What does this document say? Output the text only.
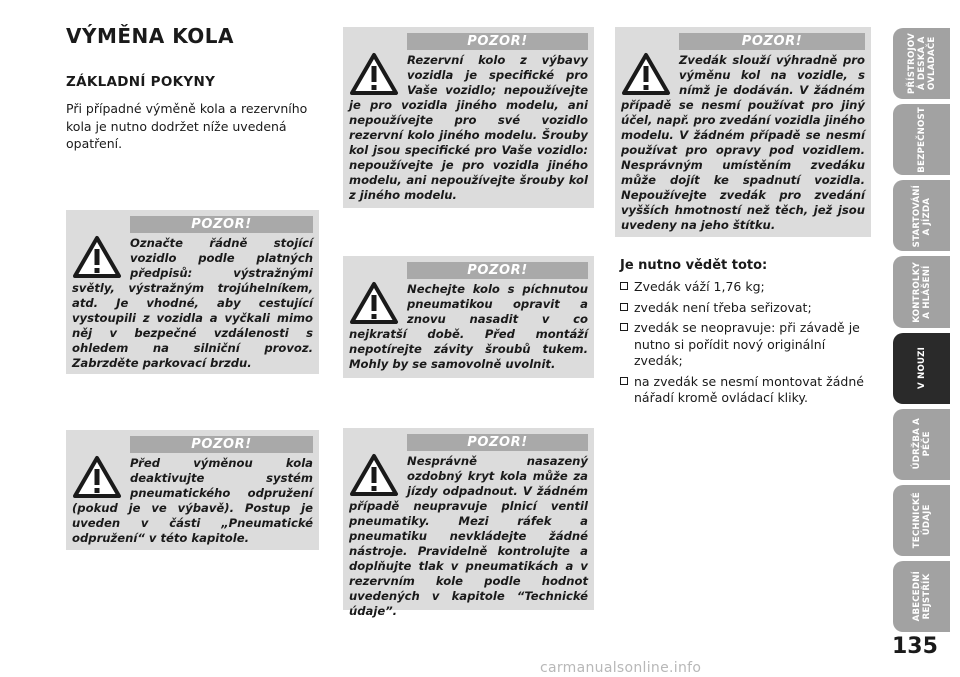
VÝMĚNA KOLA
ZÁKLADNÍ POKYNY

Při případné výměně kola a rezervního kola je nutno dodržet níže uvedená opatření.

POZOR!

Označte řádně stojící vozidlo podle platných předpisů: výstražnými světly, výstražným trojúhelníkem, atd. Je vhodné, aby cestující vystoupili z vozidla a vyčkali mimo něj v bezpečné vzdálenosti s ohledem na silniční provoz. Zabrzděte parkovací brzdu.

POZOR!

Před výměnou kola deaktivujte systém pneumatického odpružení (pokud je ve výbavě). Postup je uveden v části „Pneumatické odpružení“ v této kapitole.

POZOR!

Rezervní kolo z výbavy vozidla je specifické pro Vaše vozidlo; nepoužívejte je pro vozidla jiného modelu, ani nepoužívejte pro své vozidlo rezervní kolo jiného modelu. Šrouby kol jsou specifické pro Vaše vozidlo: nepoužívejte je pro vozidla jiného modelu, ani nepoužívejte šrouby kol z jiného modelu.

POZOR!

Nechejte kolo s píchnutou pneumatikou opravit a znovu nasadit v co nejkratší době. Před montáží nepotírejte závity šroubů tukem. Mohly by se samovolně uvolnit.

POZOR!

Nesprávně nasazený ozdobný kryt kola může za jízdy odpadnout. V žádném případě neupravuje plnicí ventil pneumatiky. Mezi ráfek a pneumatiku nevkládejte žádné nástroje. Pravidelně kontrolujte a doplňujte tlak v pneumatikách a v rezervním kole podle hodnot uvedených v kapitole “Technické údaje”.

POZOR!

Zvedák slouží výhradně pro výměnu kol na vozidle, s nímž je dodáván. V žádném případě se nesmí používat pro jiný účel, např. pro zvedání vozidla jiného modelu. V žádném případě se nesmí používat pro opravy pod vozidlem. Nesprávným umístěním zvedáku může dojít ke spadnutí vozidla. Nepoužívejte zvedák pro zvedání vyšších hmotností než těch, jež jsou uvedeny na jeho štítku.

Je nutno vědět toto:

Zvedák váží 1,76 kg;
zvedák není třeba seřizovat;
zvedák se neopravuje: při závadě je nutno si pořídit nový originální zvedák;
na zvedák se nesmí montovat žádné nářadí kromě ovládací kliky.
PŘÍSTROJOV
Á DESKA A
OVLADAČE
BEZPEČNOST
STARTOVÁNÍ
A JÍZDA
KONTROLKY
A HLÁŠENÍ
V NOUZI
ÚDRŽBA A
PÉČE
TECHNICKÉ
ÚDAJE
ABECEDNÍ
REJSTŘÍK
135
carmanualsonline.info
